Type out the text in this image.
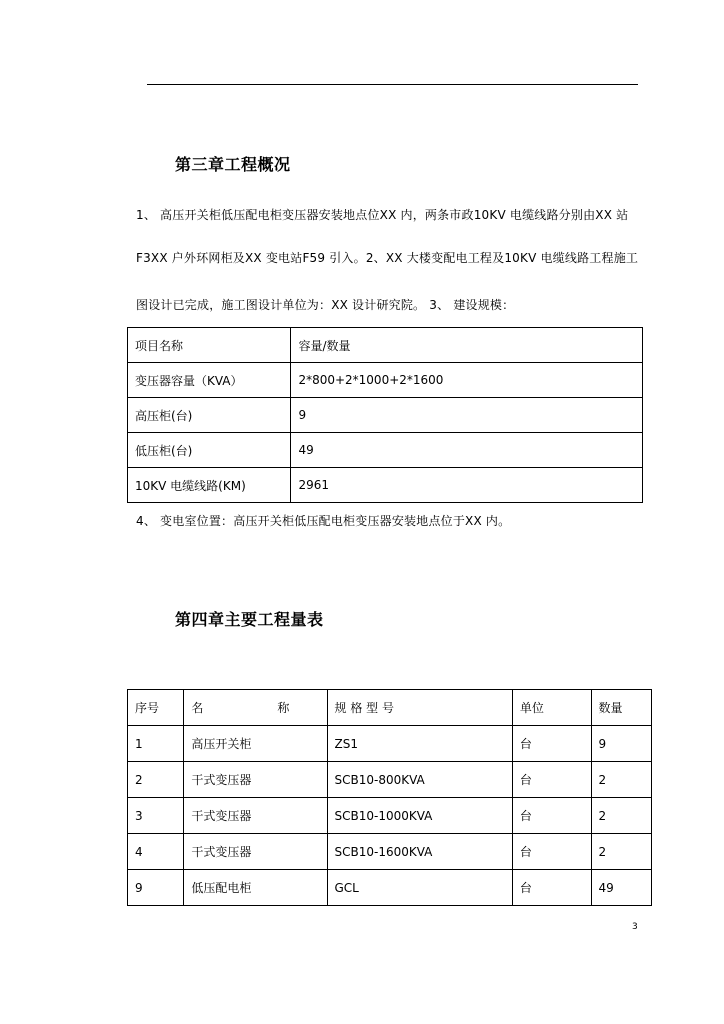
第三章工程概况
1、 高压开关柜低压配电柜变压器安装地点位XX 内，两条市政10KV 电缆线路分别由XX 站
F3XX 户外环网柜及XX 变电站F59 引入。2、XX 大楼变配电工程及10KV 电缆线路工程施工
图设计已完成，施工图设计单位为：XX 设计研究院。 3、 建设规模：
项目名称	容量/数量
变压器容量（KVA）	2*800+2*1000+2*1600
高压柜(台)	9
低压柜(台)	49
10KV 电缆线路(KM)	2961
4、 变电室位置：高压开关柜低压配电柜变压器安装地点位于XX 内。
第四章主要工程量表
序号	名 称	规 格 型 号	单位	数量
1	高压开关柜	ZS1	台	9
2	干式变压器	SCB10-800KVA	台	2
3	干式变压器	SCB10-1000KVA	台	2
4	干式变压器	SCB10-1600KVA	台	2
9	低压配电柜	GCL	台	49
3
